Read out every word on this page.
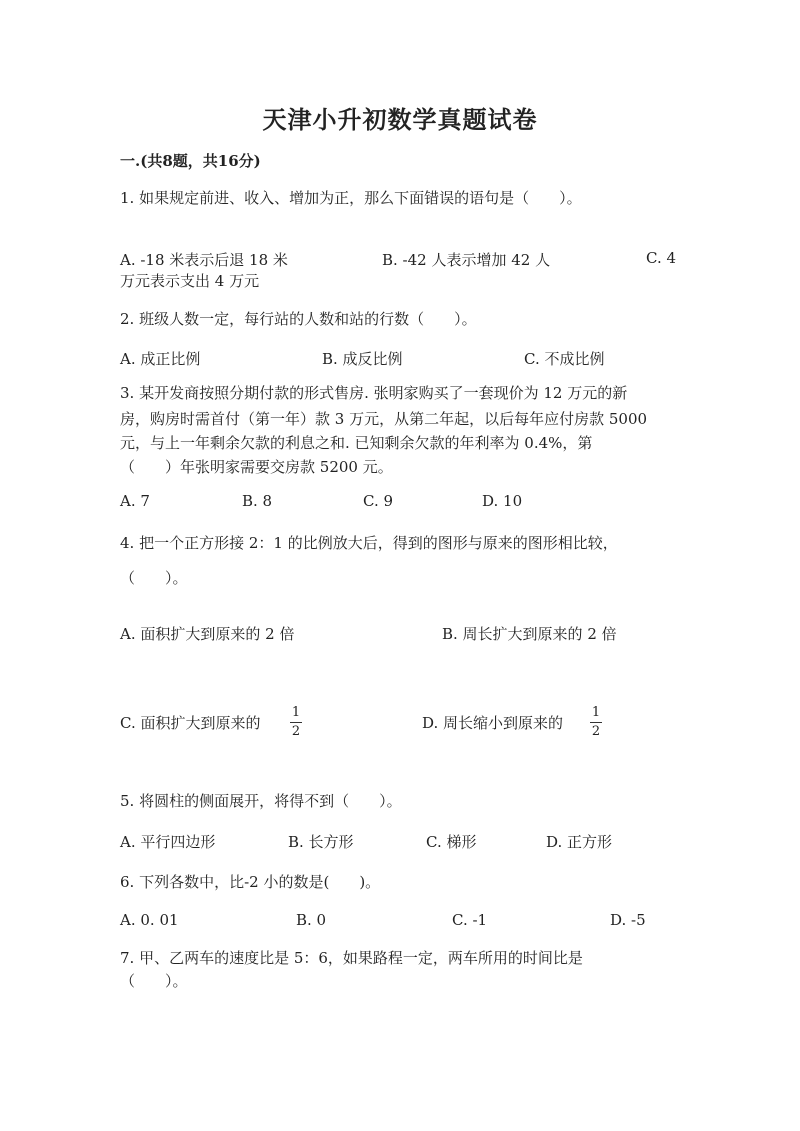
天津小升初数学真题试卷
一.(共8题，共16分)
1. 如果规定前进、收入、增加为正，那么下面错误的语句是（　　）。
A. -18 米表示后退 18 米	B. -42 人表示增加 42 人	C. 4
万元表示支出 4 万元
2. 班级人数一定，每行站的人数和站的行数（　　）。
A. 成正比例	B. 成反比例	C. 不成比例
3. 某开发商按照分期付款的形式售房. 张明家购买了一套现价为 12 万元的新
房，购房时需首付（第一年）款 3 万元，从第二年起，以后每年应付房款 5000
元，与上一年剩余欠款的利息之和. 已知剩余欠款的年利率为 0.4%，第
（　　）年张明家需要交房款 5200 元。
A. 7	B. 8	C. 9	D. 10
4. 把一个正方形接 2：1 的比例放大后，得到的图形与原来的图形相比较，
（　　）。
A. 面积扩大到原来的 2 倍	B. 周长扩大到原来的 2 倍
C. 面积扩大到原来的
1
2	D. 周长缩小到原来的
1
2
5. 将圆柱的侧面展开，将得不到（　　）。
A. 平行四边形	B. 长方形	C. 梯形	D. 正方形
6. 下列各数中，比-2 小的数是(　　)。
A. 0. 01	B. 0	C. -1	D. -5
7. 甲、乙两车的速度比是 5：6，如果路程一定，两车所用的时间比是
（　　）。
